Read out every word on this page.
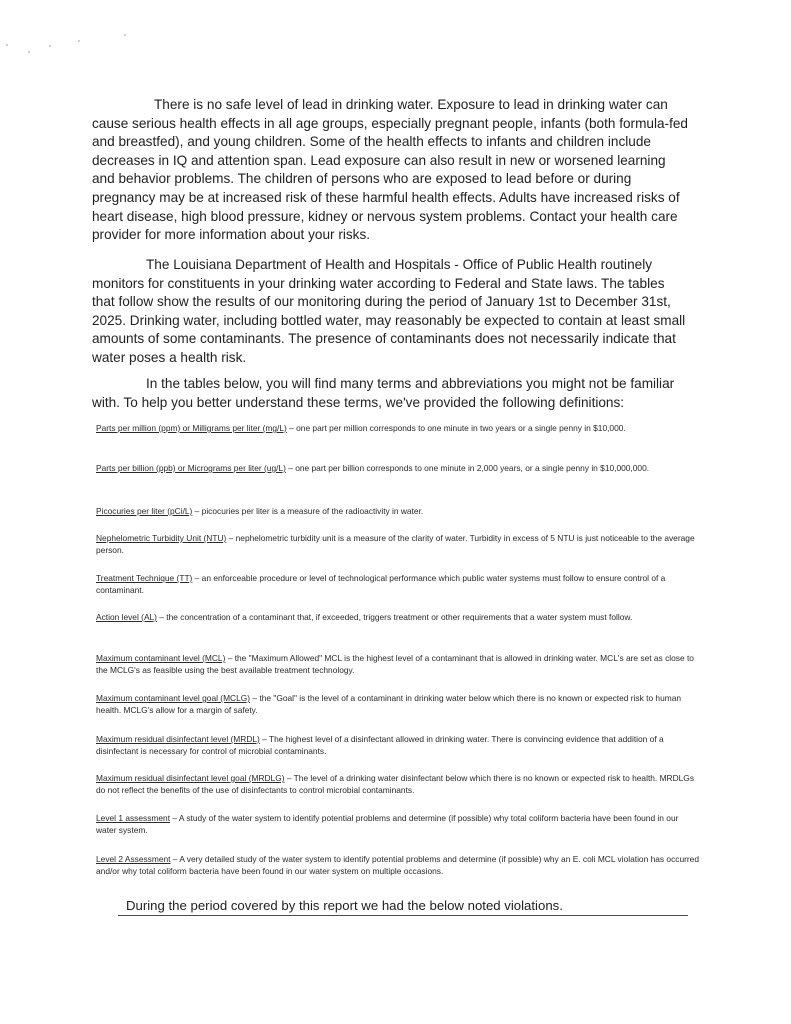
There is no safe level of lead in drinking water. Exposure to lead in drinking water can cause serious health effects in all age groups, especially pregnant people, infants (both formula-fed and breastfed), and young children. Some of the health effects to infants and children include decreases in IQ and attention span. Lead exposure can also result in new or worsened learning and behavior problems. The children of persons who are exposed to lead before or during pregnancy may be at increased risk of these harmful health effects. Adults have increased risks of heart disease, high blood pressure, kidney or nervous system problems. Contact your health care provider for more information about your risks.

The Louisiana Department of Health and Hospitals - Office of Public Health routinely monitors for constituents in your drinking water according to Federal and State laws. The tables that follow show the results of our monitoring during the period of January 1st to December 31st, 2025. Drinking water, including bottled water, may reasonably be expected to contain at least small amounts of some contaminants. The presence of contaminants does not necessarily indicate that water poses a health risk.

In the tables below, you will find many terms and abbreviations you might not be familiar with. To help you better understand these terms, we've provided the following definitions:

Parts per million (ppm) or Milligrams per liter (mg/L) – one part per million corresponds to one minute in two years or a single penny in $10,000.

Parts per billion (ppb) or Micrograms per liter (ug/L) – one part per billion corresponds to one minute in 2,000 years, or a single penny in $10,000,000.

Picocuries per liter (pCi/L) – picocuries per liter is a measure of the radioactivity in water.

Nephelometric Turbidity Unit (NTU) – nephelometric turbidity unit is a measure of the clarity of water. Turbidity in excess of 5 NTU is just noticeable to the average person.

Treatment Technique (TT) – an enforceable procedure or level of technological performance which public water systems must follow to ensure control of a contaminant.

Action level (AL) – the concentration of a contaminant that, if exceeded, triggers treatment or other requirements that a water system must follow.

Maximum contaminant level (MCL) – the "Maximum Allowed" MCL is the highest level of a contaminant that is allowed in drinking water. MCL's are set as close to the MCLG's as feasible using the best available treatment technology.

Maximum contaminant level goal (MCLG) – the "Goal" is the level of a contaminant in drinking water below which there is no known or expected risk to human health. MCLG's allow for a margin of safety.

Maximum residual disinfectant level (MRDL) – The highest level of a disinfectant allowed in drinking water. There is convincing evidence that addition of a disinfectant is necessary for control of microbial contaminants.

Maximum residual disinfectant level goal (MRDLG) – The level of a drinking water disinfectant below which there is no known or expected risk to health. MRDLGs do not reflect the benefits of the use of disinfectants to control microbial contaminants.

Level 1 assessment – A study of the water system to identify potential problems and determine (if possible) why total coliform bacteria have been found in our water system.

Level 2 Assessment – A very detailed study of the water system to identify potential problems and determine (if possible) why an E. coli MCL violation has occurred and/or why total coliform bacteria have been found in our water system on multiple occasions.

During the period covered by this report we had the below noted violations.
